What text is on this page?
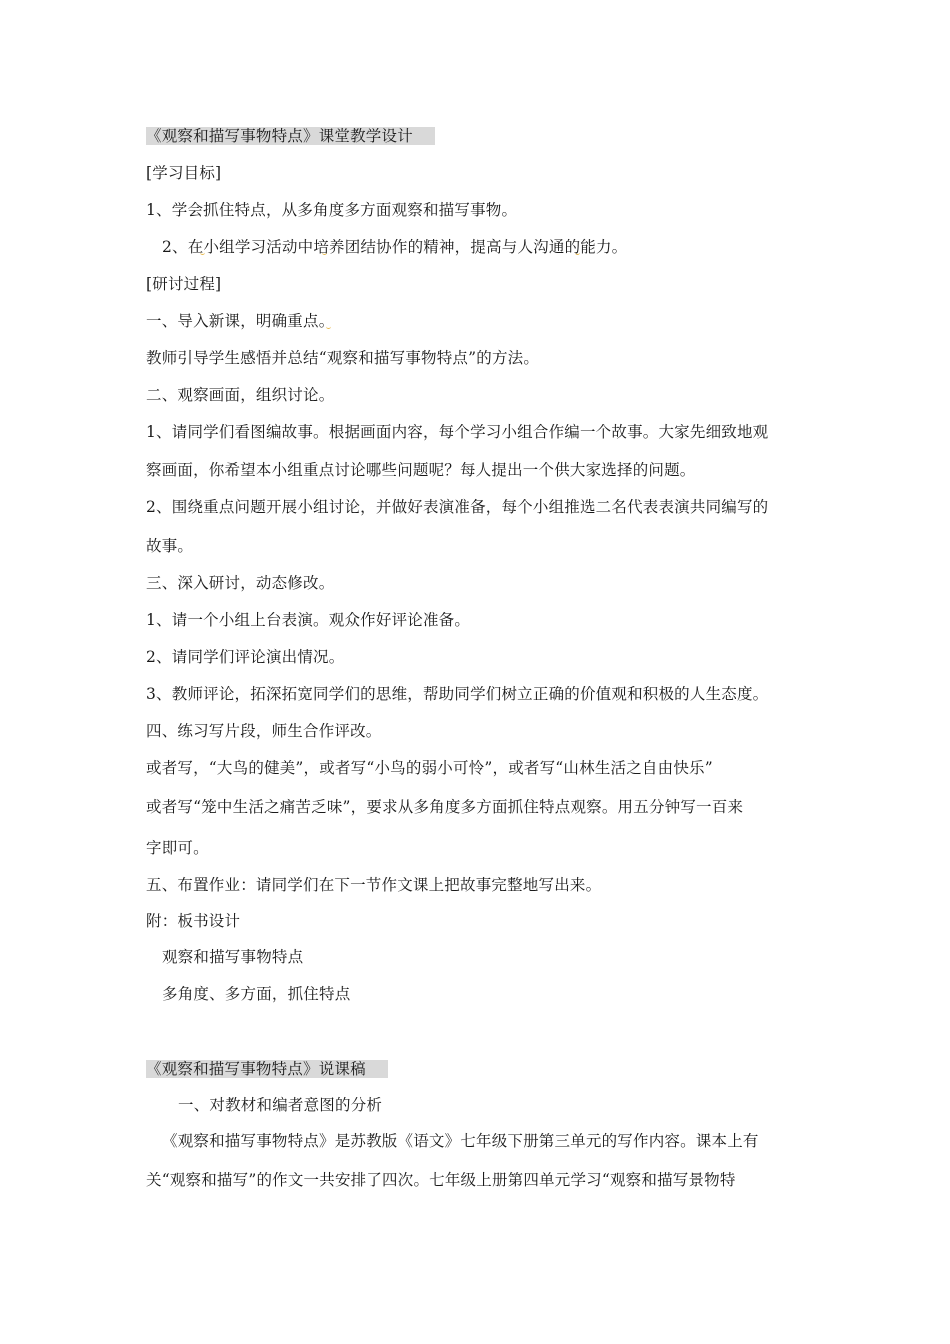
《观察和描写事物特点》课堂教学设计
[学习目标]
1、学会抓住特点，从多角度多方面观察和描写事物。
2、在小组学习活动中培养团结协作的精神，提高与人沟通的能力。
[研讨过程]
一、导入新课，明确重点。
教师引导学生感悟并总结“观察和描写事物特点”的方法。
二、观察画面，组织讨论。
1、请同学们看图编故事。根据画面内容，每个学习小组合作编一个故事。大家先细致地观
察画面，你希望本小组重点讨论哪些问题呢？每人提出一个供大家选择的问题。
2、围绕重点问题开展小组讨论，并做好表演准备，每个小组推选二名代表表演共同编写的
故事。
三、深入研讨，动态修改。
1、请一个小组上台表演。观众作好评论准备。
2、请同学们评论演出情况。
3、教师评论，拓深拓宽同学们的思维，帮助同学们树立正确的价值观和积极的人生态度。
四、练习写片段，师生合作评改。
或者写，“大鸟的健美”，或者写“小鸟的弱小可怜”，或者写“山林生活之自由快乐”
或者写“笼中生活之痛苦乏味”，要求从多角度多方面抓住特点观察。用五分钟写一百来
字即可。
五、布置作业：请同学们在下一节作文课上把故事完整地写出来。
附：板书设计
观察和描写事物特点
多角度、多方面，抓住特点
《观察和描写事物特点》说课稿
一、对教材和编者意图的分析
《观察和描写事物特点》是苏教版《语文》七年级下册第三单元的写作内容。课本上有
关“观察和描写”的作文一共安排了四次。七年级上册第四单元学习“观察和描写景物特
